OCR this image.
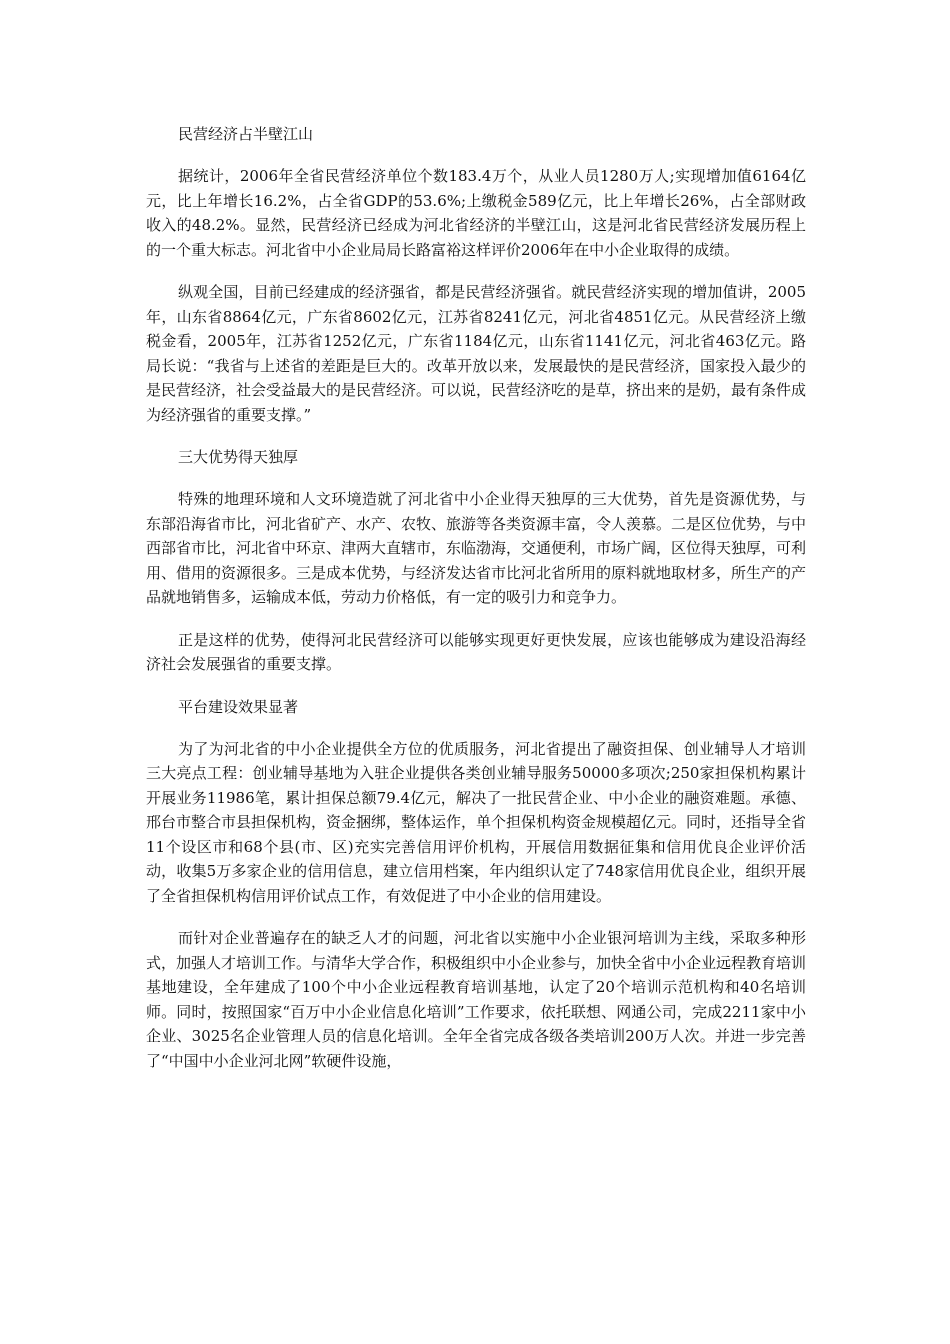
民营经济占半壁江山

据统计，2006年全省民营经济单位个数183.4万个，从业人员1280万人;实现增加值6164亿元，比上年增长16.2%，占全省GDP的53.6%;上缴税金589亿元，比上年增长26%，占全部财政收入的48.2%。显然，民营经济已经成为河北省经济的半壁江山，这是河北省民营经济发展历程上的一个重大标志。河北省中小企业局局长路富裕这样评价2006年在中小企业取得的成绩。

纵观全国，目前已经建成的经济强省，都是民营经济强省。就民营经济实现的增加值讲，2005年，山东省8864亿元，广东省8602亿元，江苏省8241亿元，河北省4851亿元。从民营经济上缴税金看，2005年，江苏省1252亿元，广东省1184亿元，山东省1141亿元，河北省463亿元。路局长说：“我省与上述省的差距是巨大的。改革开放以来，发展最快的是民营经济，国家投入最少的是民营经济，社会受益最大的是民营经济。可以说，民营经济吃的是草，挤出来的是奶，最有条件成为经济强省的重要支撑。”

三大优势得天独厚

特殊的地理环境和人文环境造就了河北省中小企业得天独厚的三大优势，首先是资源优势，与东部沿海省市比，河北省矿产、水产、农牧、旅游等各类资源丰富，令人羡慕。二是区位优势，与中西部省市比，河北省中环京、津两大直辖市，东临渤海，交通便利，市场广阔，区位得天独厚，可利用、借用的资源很多。三是成本优势，与经济发达省市比河北省所用的原料就地取材多，所生产的产品就地销售多，运输成本低，劳动力价格低，有一定的吸引力和竞争力。

正是这样的优势，使得河北民营经济可以能够实现更好更快发展，应该也能够成为建设沿海经济社会发展强省的重要支撑。

平台建设效果显著

为了为河北省的中小企业提供全方位的优质服务，河北省提出了融资担保、创业辅导人才培训三大亮点工程：创业辅导基地为入驻企业提供各类创业辅导服务50000多项次;250家担保机构累计开展业务11986笔，累计担保总额79.4亿元，解决了一批民营企业、中小企业的融资难题。承德、邢台市整合市县担保机构，资金捆绑，整体运作，单个担保机构资金规模超亿元。同时，还指导全省11个设区市和68个县(市、区)充实完善信用评价机构，开展信用数据征集和信用优良企业评价活动，收集5万多家企业的信用信息，建立信用档案，年内组织认定了748家信用优良企业，组织开展了全省担保机构信用评价试点工作，有效促进了中小企业的信用建设。

而针对企业普遍存在的缺乏人才的问题，河北省以实施中小企业银河培训为主线，采取多种形式，加强人才培训工作。与清华大学合作，积极组织中小企业参与，加快全省中小企业远程教育培训基地建设，全年建成了100个中小企业远程教育培训基地，认定了20个培训示范机构和40名培训师。同时，按照国家“百万中小企业信息化培训”工作要求，依托联想、网通公司，完成2211家中小企业、3025名企业管理人员的信息化培训。全年全省完成各级各类培训200万人次。并进一步完善了“中国中小企业河北网”软硬件设施，
